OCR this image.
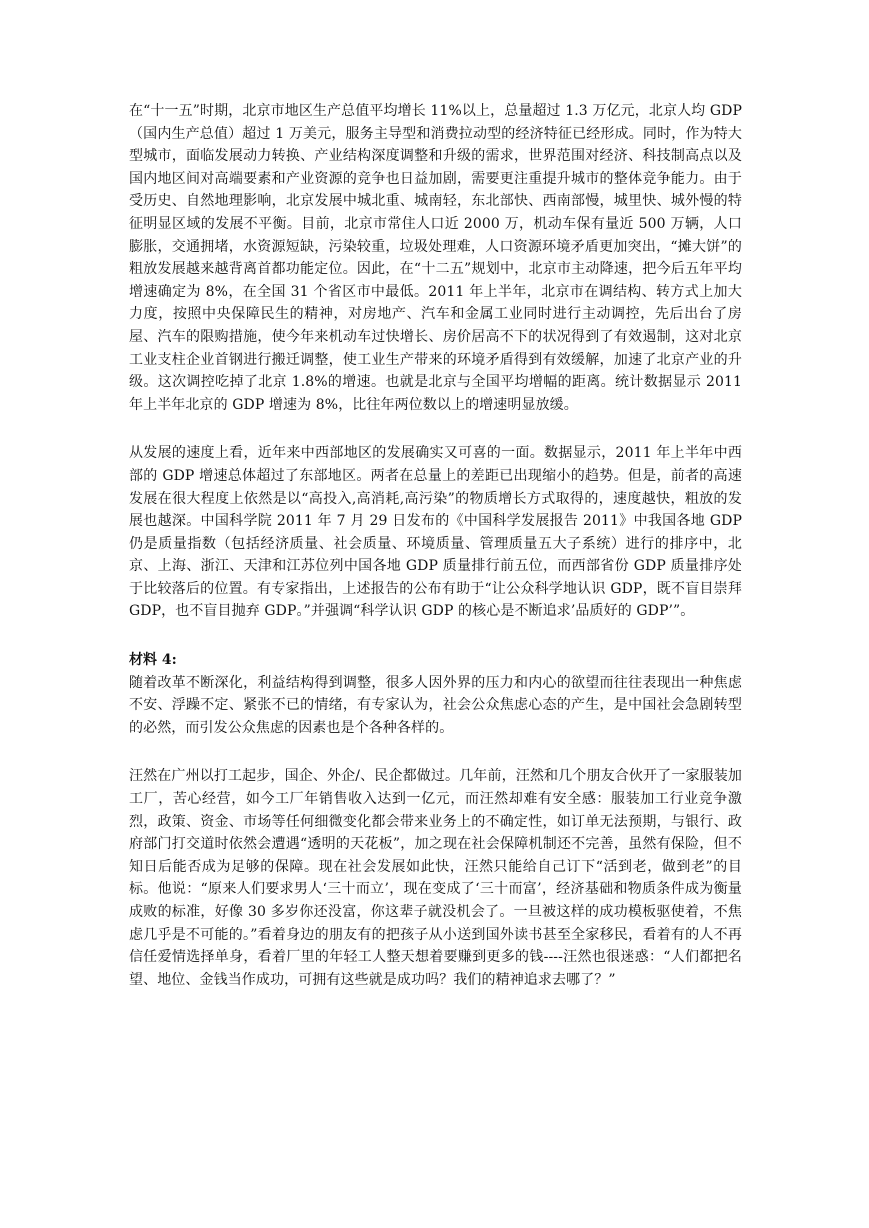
在“十一五”时期，北京市地区生产总值平均增长 11%以上，总量超过 1.3 万亿元，北京人均 GDP（国内生产总值）超过 1 万美元，服务主导型和消费拉动型的经济特征已经形成。同时，作为特大型城市，面临发展动力转换、产业结构深度调整和升级的需求，世界范围对经济、科技制高点以及国内地区间对高端要素和产业资源的竞争也日益加剧，需要更注重提升城市的整体竞争能力。由于受历史、自然地理影响，北京发展中城北重、城南轻，东北部快、西南部慢，城里快、城外慢的特征明显区域的发展不平衡。目前，北京市常住人口近 2000 万，机动车保有量近 500 万辆，人口膨胀，交通拥堵，水资源短缺，污染较重，垃圾处理难，人口资源环境矛盾更加突出，“摊大饼”的粗放发展越来越背离首都功能定位。因此，在“十二五”规划中，北京市主动降速，把今后五年平均增速确定为 8%，在全国 31 个省区市中最低。2011 年上半年，北京市在调结构、转方式上加大力度，按照中央保障民生的精神，对房地产、汽车和金属工业同时进行主动调控，先后出台了房屋、汽车的限购措施，使今年来机动车过快增长、房价居高不下的状况得到了有效遏制，这对北京工业支柱企业首钢进行搬迁调整，使工业生产带来的环境矛盾得到有效缓解，加速了北京产业的升级。这次调控吃掉了北京 1.8%的增速。也就是北京与全国平均增幅的距离。统计数据显示 2011 年上半年北京的 GDP 增速为 8%，比往年两位数以上的增速明显放缓。

从发展的速度上看，近年来中西部地区的发展确实又可喜的一面。数据显示，2011 年上半年中西部的 GDP 增速总体超过了东部地区。两者在总量上的差距已出现缩小的趋势。但是，前者的高速发展在很大程度上依然是以“高投入,高消耗,高污染”的物质增长方式取得的，速度越快，粗放的发展也越深。中国科学院 2011 年 7 月 29 日发布的《中国科学发展报告 2011》中我国各地 GDP 仍是质量指数（包括经济质量、社会质量、环境质量、管理质量五大子系统）进行的排序中，北京、上海、浙江、天津和江苏位列中国各地 GDP 质量排行前五位，而西部省份 GDP 质量排序处于比较落后的位置。有专家指出，上述报告的公布有助于“让公众科学地认识 GDP，既不盲目崇拜 GDP，也不盲目抛弃 GDP。”并强调“科学认识 GDP 的核心是不断追求’品质好的 GDP’”。

材料 4:

随着改革不断深化，利益结构得到调整，很多人因外界的压力和内心的欲望而往往表现出一种焦虑不安、浮躁不定、紧张不已的情绪，有专家认为，社会公众焦虑心态的产生，是中国社会急剧转型的必然，而引发公众焦虑的因素也是个各种各样的。

汪然在广州以打工起步，国企、外企/、民企都做过。几年前，汪然和几个朋友合伙开了一家服装加工厂，苦心经营，如今工厂年销售收入达到一亿元，而汪然却难有安全感：服装加工行业竞争激烈，政策、资金、市场等任何细微变化都会带来业务上的不确定性，如订单无法预期，与银行、政府部门打交道时依然会遭遇“透明的天花板”，加之现在社会保障机制还不完善，虽然有保险，但不知日后能否成为足够的保障。现在社会发展如此快，汪然只能给自己订下“活到老，做到老”的目标。他说：“原来人们要求男人‘三十而立’，现在变成了‘三十而富’，经济基础和物质条件成为衡量成败的标准，好像 30 多岁你还没富，你这辈子就没机会了。一旦被这样的成功模板驱使着，不焦虑几乎是不可能的。”看着身边的朋友有的把孩子从小送到国外读书甚至全家移民，看着有的人不再信任爱情选择单身，看着厂里的年轻工人整天想着要赚到更多的钱----汪然也很迷惑：“人们都把名望、地位、金钱当作成功，可拥有这些就是成功吗？我们的精神追求去哪了？”
